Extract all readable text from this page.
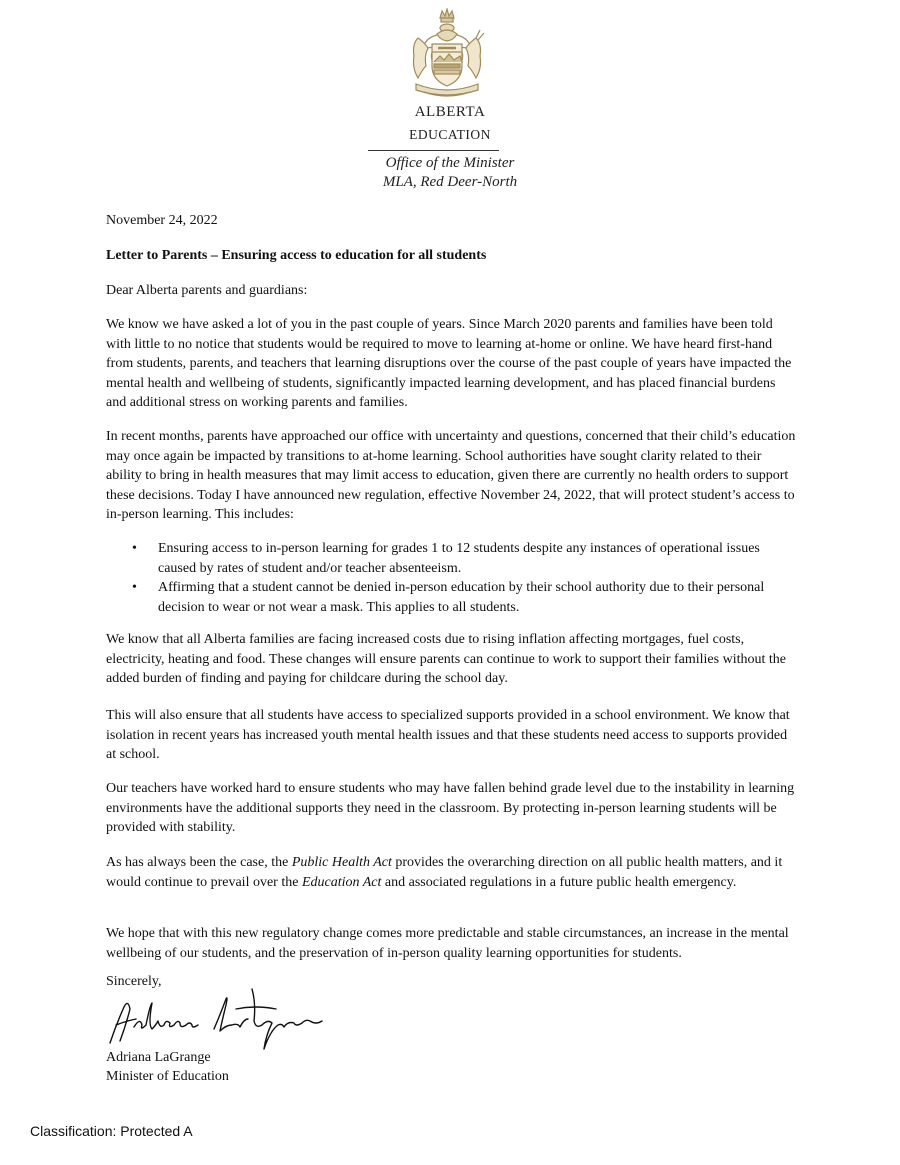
ALBERTA
EDUCATION
Office of the Minister
MLA, Red Deer-North

November 24, 2022

Letter to Parents – Ensuring access to education for all students

Dear Alberta parents and guardians:

We know we have asked a lot of you in the past couple of years. Since March 2020 parents and families have been told with little to no notice that students would be required to move to learning at-home or online. We have heard first-hand from students, parents, and teachers that learning disruptions over the course of the past couple of years have impacted the mental health and wellbeing of students, significantly impacted learning development, and has placed financial burdens and additional stress on working parents and families.

In recent months, parents have approached our office with uncertainty and questions, concerned that their child’s education may once again be impacted by transitions to at-home learning. School authorities have sought clarity related to their ability to bring in health measures that may limit access to education, given there are currently no health orders to support these decisions. Today I have announced new regulation, effective November 24, 2022, that will protect student’s access to in-person learning. This includes:

• Ensuring access to in-person learning for grades 1 to 12 students despite any instances of operational issues caused by rates of student and/or teacher absenteeism.
• Affirming that a student cannot be denied in-person education by their school authority due to their personal decision to wear or not wear a mask. This applies to all students.

We know that all Alberta families are facing increased costs due to rising inflation affecting mortgages, fuel costs, electricity, heating and food. These changes will ensure parents can continue to work to support their families without the added burden of finding and paying for childcare during the school day.

This will also ensure that all students have access to specialized supports provided in a school environment. We know that isolation in recent years has increased youth mental health issues and that these students need access to supports provided at school.

Our teachers have worked hard to ensure students who may have fallen behind grade level due to the instability in learning environments have the additional supports they need in the classroom. By protecting in-person learning students will be provided with stability.

As has always been the case, the Public Health Act provides the overarching direction on all public health matters, and it would continue to prevail over the Education Act and associated regulations in a future public health emergency.

We hope that with this new regulatory change comes more predictable and stable circumstances, an increase in the mental wellbeing of our students, and the preservation of in-person quality learning opportunities for students.

Sincerely,

Adriana LaGrange

Minister of Education

Classification: Protected A
